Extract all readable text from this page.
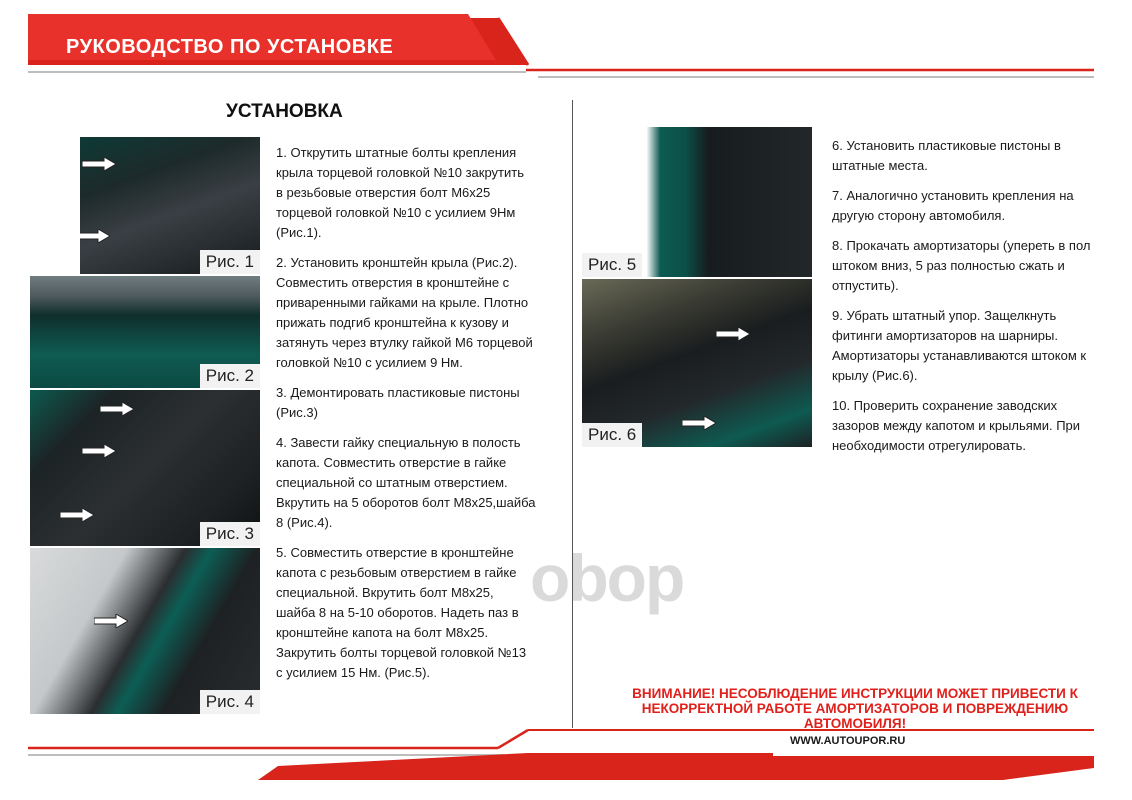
РУКОВОДСТВО ПО УСТАНОВКЕ
УСТАНОВКА
Рис. 1
Рис. 2
Рис. 3
Рис. 4

1. Открутить штатные болты крепления
крыла торцевой головкой №10 закрутить
в резьбовые отверстия болт М6х25
торцевой головкой №10 с усилием 9Нм
(Рис.1).

2. Установить кронштейн крыла (Рис.2).
Совместить отверстия в кронштейне с
приваренными гайками на крыле. Плотно
прижать подгиб кронштейна к кузову и
затянуть через втулку гайкой М6 торцевой
головкой №10 с усилием 9 Нм.

3. Демонтировать пластиковые пистоны
(Рис.3)

4. Завести гайку специальную в полость
капота. Совместить отверстие в гайке
специальной со штатным отверстием.
Вкрутить на 5 оборотов болт М8х25,шайба
8 (Рис.4).

5. Совместить отверстие в кронштейне
капота с резьбовым отверстием в гайке
специальной. Вкрутить болт М8х25,
шайба 8 на 5-10 оборотов. Надеть паз в
кронштейне капота на болт М8х25.
Закрутить болты торцевой головкой №13
с усилием 15 Нм. (Рис.5).

Рис. 5
Рис. 6

6. Установить пластиковые пистоны в
штатные места.

7. Аналогично установить крепления на
другую сторону автомобиля.

8. Прокачать амортизаторы (упереть в пол
штоком вниз, 5 раз полностью сжать и
отпустить).

9. Убрать штатный упор. Защелкнуть
фитинги амортизаторов на шарниры.
Амортизаторы устанавливаются штоком к
крылу (Рис.6).

10. Проверить сохранение заводских
зазоров между капотом и крыльями. При
необходимости отрегулировать.

oboр
ВНИМАНИЕ! НЕСОБЛЮДЕНИЕ ИНСТРУКЦИИ МОЖЕТ ПРИВЕСТИ К НЕКОРРЕКТНОЙ РАБОТЕ АМОРТИЗАТОРОВ И ПОВРЕЖДЕНИЮ АВТОМОБИЛЯ!
WWW.AUTOUPOR.RU
